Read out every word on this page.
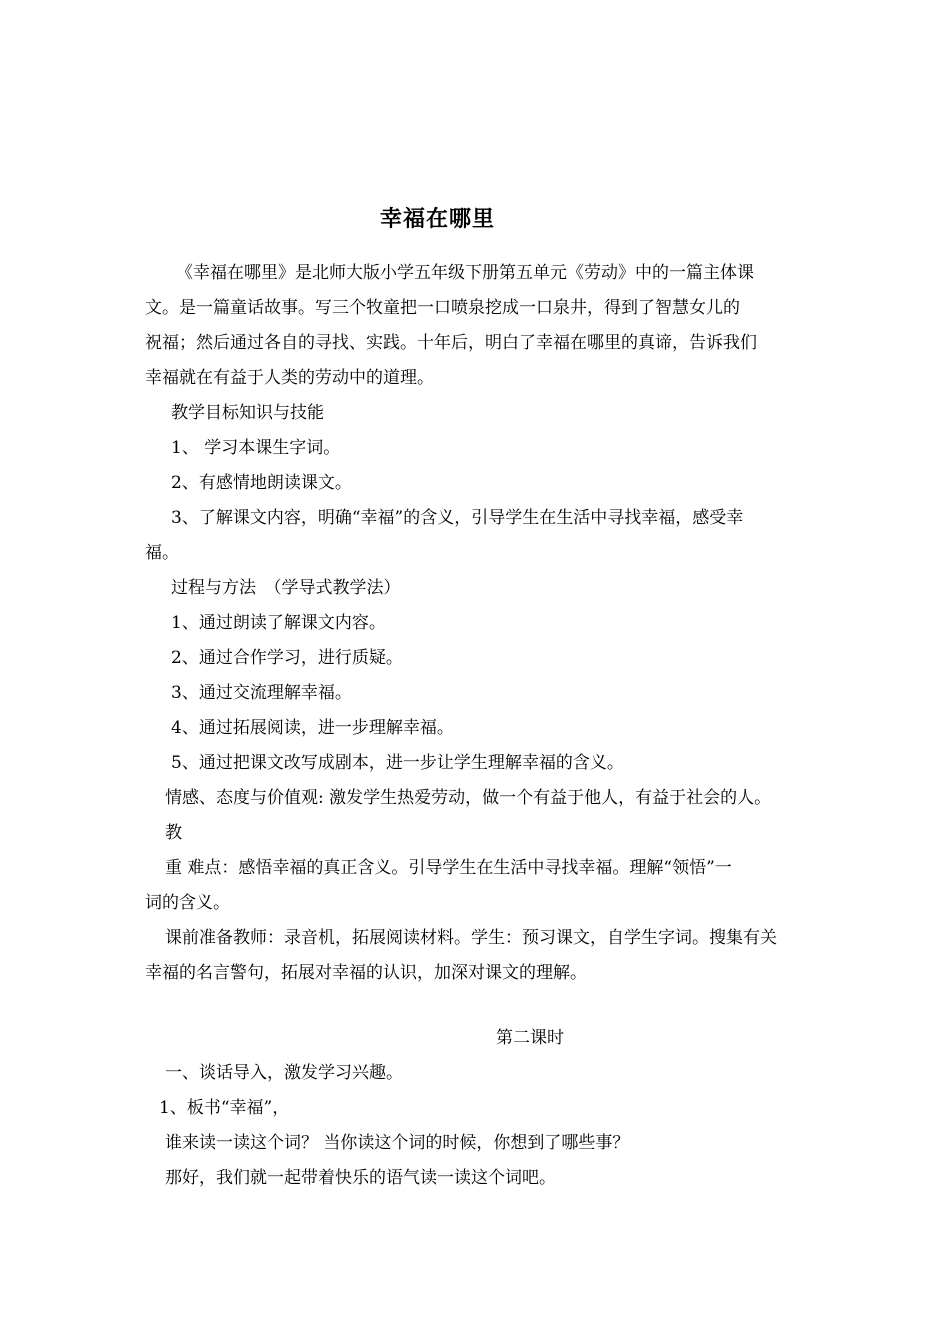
幸福在哪里

《幸福在哪里》是北师大版小学五年级下册第五单元《劳动》中的一篇主体课

文。是一篇童话故事。写三个牧童把一口喷泉挖成一口泉井，得到了智慧女儿的

祝福；然后通过各自的寻找、实践。十年后，明白了幸福在哪里的真谛，告诉我们

幸福就在有益于人类的劳动中的道理。

教学目标知识与技能

1、 学习本课生字词。

2、有感情地朗读课文。

3、了解课文内容，明确“幸福”的含义，引导学生在生活中寻找幸福，感受幸

福。

过程与方法　（学导式教学法）

1、通过朗读了解课文内容。

2、通过合作学习，进行质疑。

3、通过交流理解幸福。

4、通过拓展阅读，进一步理解幸福。

5、通过把课文改写成剧本，进一步让学生理解幸福的含义。

情感、态度与价值观: 激发学生热爱劳动，做一个有益于他人，有益于社会的人。

教

重 难点：感悟幸福的真正含义。引导学生在生活中寻找幸福。理解“领悟”一

词的含义。

课前准备教师：录音机，拓展阅读材料。学生：预习课文，自学生字词。搜集有关

幸福的名言警句，拓展对幸福的认识，加深对课文的理解。

第二课时

一、谈话导入，激发学习兴趣。

1、板书“幸福”，

谁来读一读这个词？ 当你读这个词的时候，你想到了哪些事？

那好，我们就一起带着快乐的语气读一读这个词吧。
